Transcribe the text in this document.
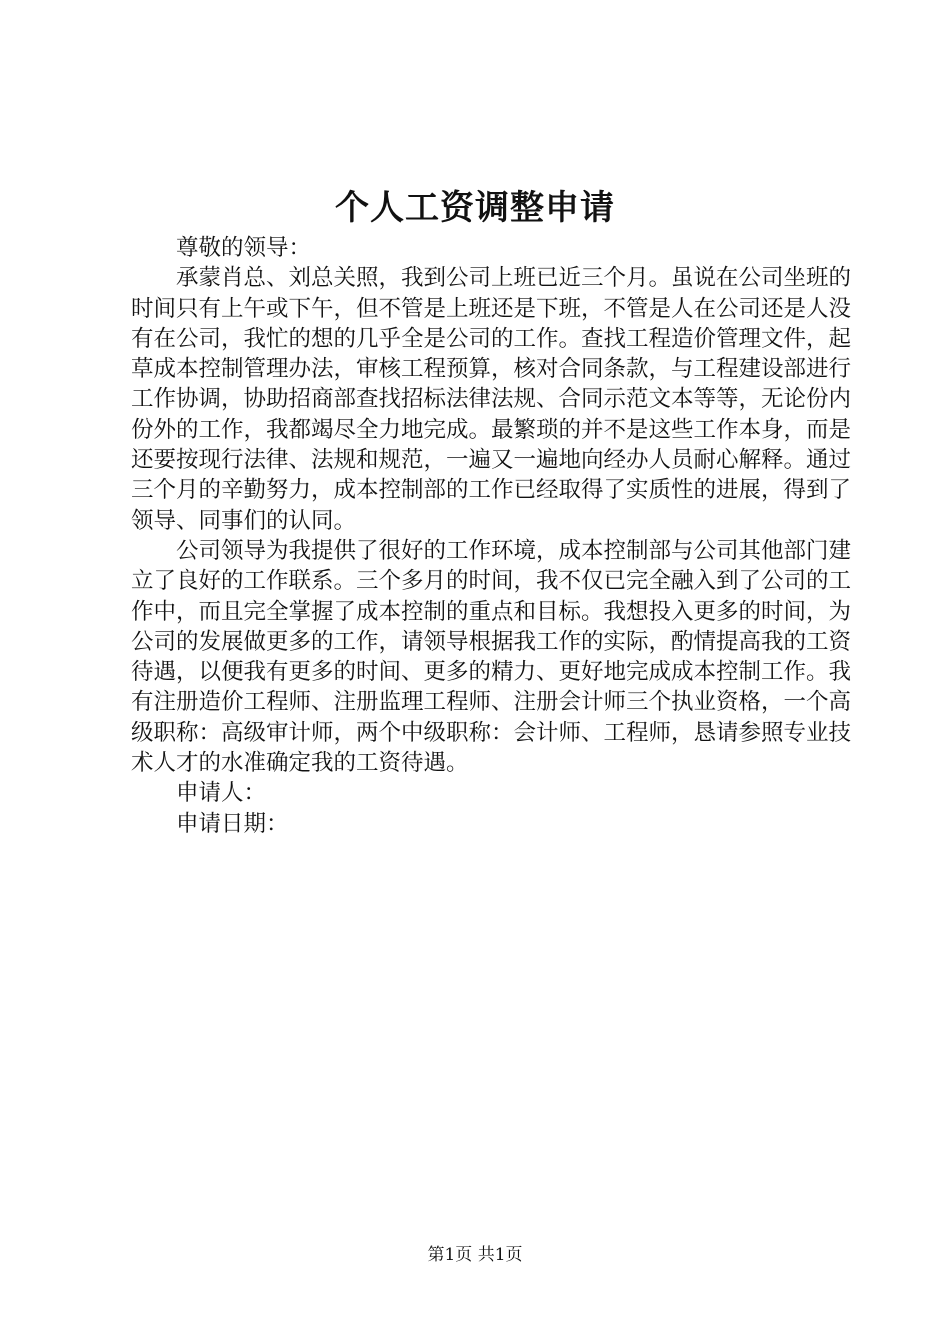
个人工资调整申请

尊敬的领导：

承蒙肖总、刘总关照，我到公司上班已近三个月。虽说在公司坐班的时间只有上午或下午，但不管是上班还是下班，不管是人在公司还是人没有在公司，我忙的想的几乎全是公司的工作。查找工程造价管理文件，起草成本控制管理办法，审核工程预算，核对合同条款，与工程建设部进行工作协调，协助招商部查找招标法律法规、合同示范文本等等，无论份内份外的工作，我都竭尽全力地完成。最繁琐的并不是这些工作本身，而是还要按现行法律、法规和规范，一遍又一遍地向经办人员耐心解释。通过三个月的辛勤努力，成本控制部的工作已经取得了实质性的进展，得到了领导、同事们的认同。

公司领导为我提供了很好的工作环境，成本控制部与公司其他部门建立了良好的工作联系。三个多月的时间，我不仅已完全融入到了公司的工作中，而且完全掌握了成本控制的重点和目标。我想投入更多的时间，为公司的发展做更多的工作，请领导根据我工作的实际，酌情提高我的工资待遇，以便我有更多的时间、更多的精力、更好地完成成本控制工作。我有注册造价工程师、注册监理工程师、注册会计师三个执业资格，一个高级职称：高级审计师，两个中级职称：会计师、工程师，恳请参照专业技术人才的水准确定我的工资待遇。

申请人：

申请日期：

第1页 共1页
